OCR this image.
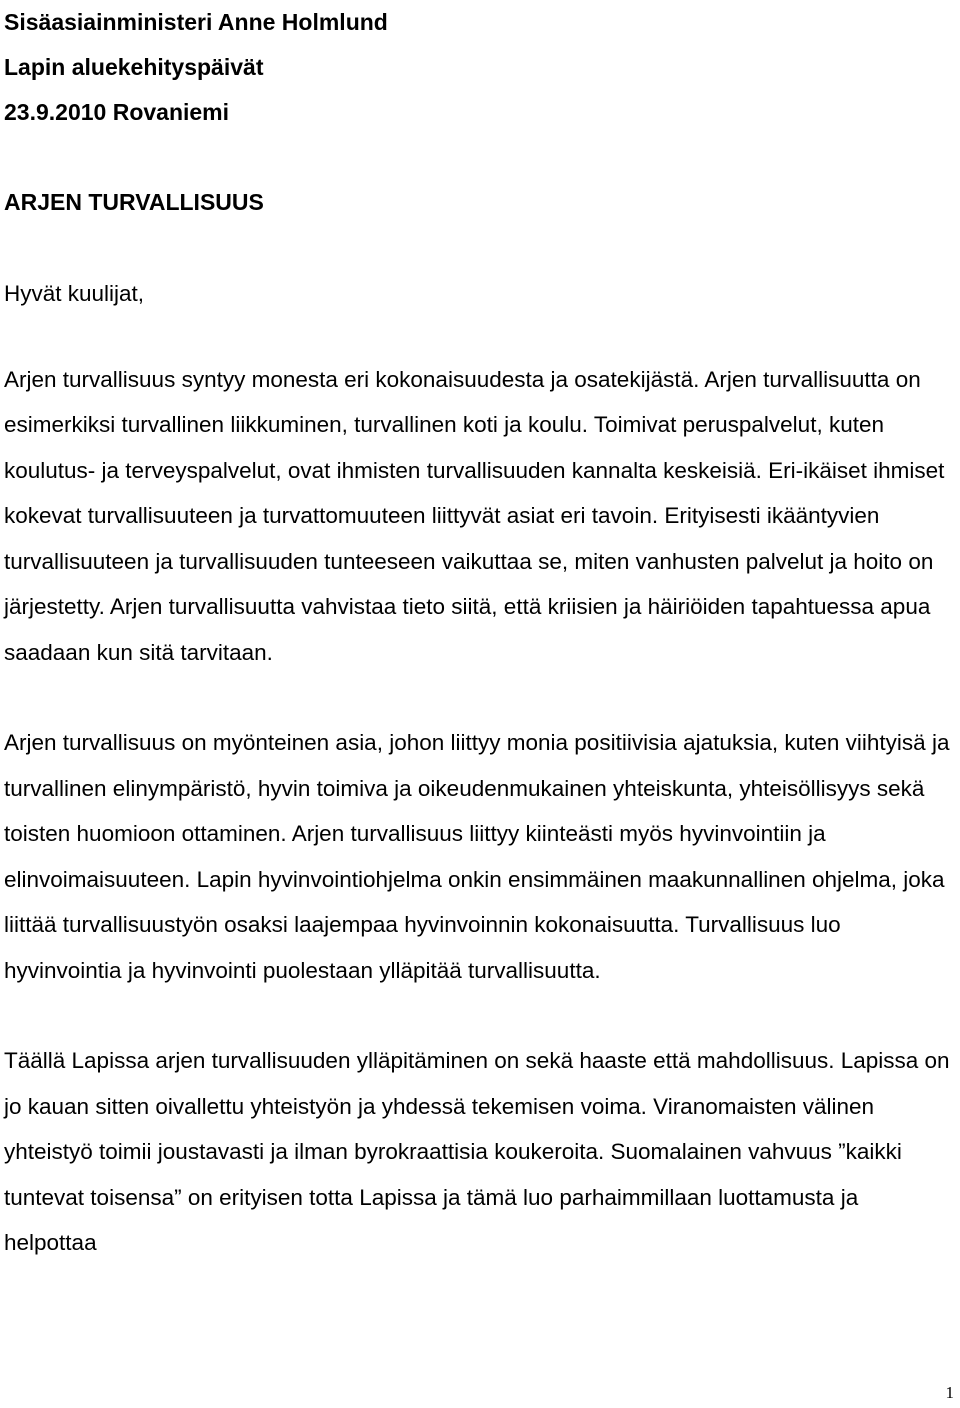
Sisäasiainministeri Anne Holmlund

Lapin aluekehityspäivät

23.9.2010 Rovaniemi

ARJEN TURVALLISUUS

Hyvät kuulijat,

Arjen turvallisuus syntyy monesta eri kokonaisuudesta ja osatekijästä. Arjen turvallisuutta on esimerkiksi turvallinen liikkuminen, turvallinen koti ja koulu. Toimivat peruspalvelut, kuten koulutus- ja terveyspalvelut, ovat ihmisten turvallisuuden kannalta keskeisiä. Eri-ikäiset ihmiset kokevat turvallisuuteen ja turvattomuuteen liittyvät asiat eri tavoin. Erityisesti ikääntyvien turvallisuuteen ja turvallisuuden tunteeseen vaikuttaa se, miten vanhusten palvelut ja hoito on järjestetty. Arjen turvallisuutta vahvistaa tieto siitä, että kriisien ja häiriöiden tapahtuessa apua saadaan kun sitä tarvitaan.

Arjen turvallisuus on myönteinen asia, johon liittyy monia positiivisia ajatuksia, kuten viihtyisä ja turvallinen elinympäristö, hyvin toimiva ja oikeudenmukainen yhteiskunta, yhteisöllisyys sekä toisten huomioon ottaminen. Arjen turvallisuus liittyy kiinteästi myös hyvinvointiin ja elinvoimaisuuteen. Lapin hyvinvointiohjelma onkin ensimmäinen maakunnallinen ohjelma, joka liittää turvallisuustyön osaksi laajempaa hyvinvoinnin kokonaisuutta. Turvallisuus luo hyvinvointia ja hyvinvointi puolestaan ylläpitää turvallisuutta.

Täällä Lapissa arjen turvallisuuden ylläpitäminen on sekä haaste että mahdollisuus. Lapissa on jo kauan sitten oivallettu yhteistyön ja yhdessä tekemisen voima. Viranomaisten välinen yhteistyö toimii joustavasti ja ilman byrokraattisia koukeroita. Suomalainen vahvuus ”kaikki tuntevat toisensa” on erityisen totta Lapissa ja tämä luo parhaimmillaan luottamusta ja helpottaa

1
